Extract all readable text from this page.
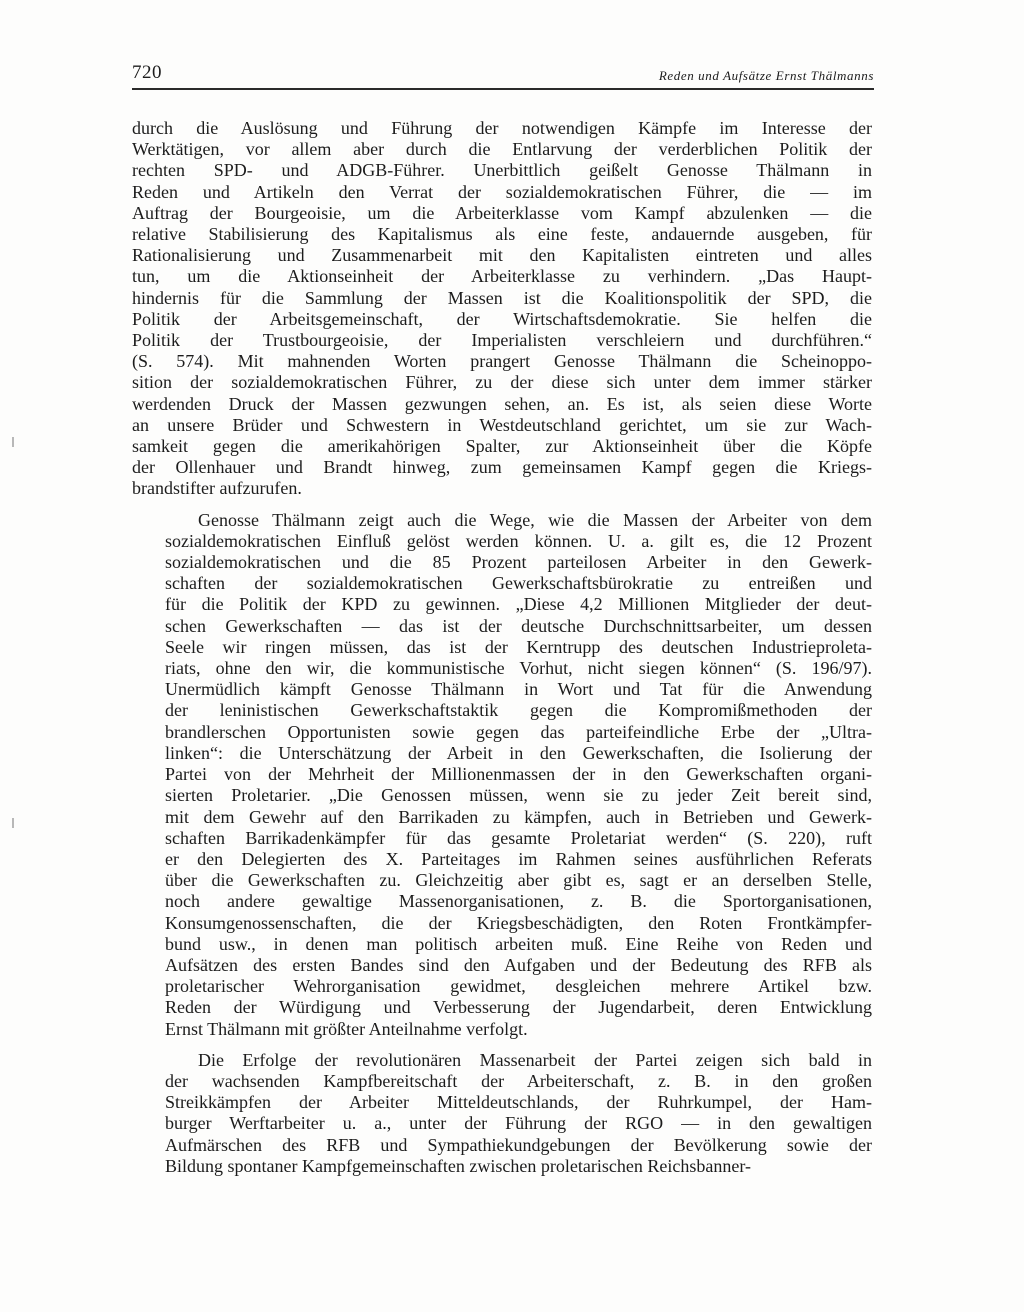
720	Reden und Aufsätze Ernst Thälmanns
durch die Auslösung und Führung der notwendigen Kämpfe im Interesse der
Werktätigen, vor allem aber durch die Entlarvung der verderblichen Politik der
rechten SPD- und ADGB-Führer. Unerbittlich geißelt Genosse Thälmann in
Reden und Artikeln den Verrat der sozialdemokratischen Führer, die — im
Auftrag der Bourgeoisie, um die Arbeiterklasse vom Kampf abzulenken — die
relative Stabilisierung des Kapitalismus als eine feste, andauernde ausgeben, für
Rationalisierung und Zusammenarbeit mit den Kapitalisten eintreten und alles
tun, um die Aktionseinheit der Arbeiterklasse zu verhindern. „Das Haupt-
hindernis für die Sammlung der Massen ist die Koalitionspolitik der SPD, die
Politik der Arbeitsgemeinschaft, der Wirtschaftsdemokratie. Sie helfen die
Politik der Trustbourgeoisie, der Imperialisten verschleiern und durchführen.“
(S. 574). Mit mahnenden Worten prangert Genosse Thälmann die Scheinoppo-
sition der sozialdemokratischen Führer, zu der diese sich unter dem immer stärker
werdenden Druck der Massen gezwungen sehen, an. Es ist, als seien diese Worte
an unsere Brüder und Schwestern in Westdeutschland gerichtet, um sie zur Wach-
samkeit gegen die amerikahörigen Spalter, zur Aktionseinheit über die Köpfe
der Ollenhauer und Brandt hinweg, zum gemeinsamen Kampf gegen die Kriegs-
brandstifter aufzurufen.
Genosse Thälmann zeigt auch die Wege, wie die Massen der Arbeiter von dem
sozialdemokratischen Einfluß gelöst werden können. U. a. gilt es, die 12 Prozent
sozialdemokratischen und die 85 Prozent parteilosen Arbeiter in den Gewerk-
schaften der sozialdemokratischen Gewerkschaftsbürokratie zu entreißen und
für die Politik der KPD zu gewinnen. „Diese 4,2 Millionen Mitglieder der deut-
schen Gewerkschaften — das ist der deutsche Durchschnittsarbeiter, um dessen
Seele wir ringen müssen, das ist der Kerntrupp des deutschen Industrieproleta-
riats, ohne den wir, die kommunistische Vorhut, nicht siegen können“ (S. 196/97).
Unermüdlich kämpft Genosse Thälmann in Wort und Tat für die Anwendung
der leninistischen Gewerkschaftstaktik gegen die Kompromißmethoden der
brandlerschen Opportunisten sowie gegen das parteifeindliche Erbe der „Ultra-
linken“: die Unterschätzung der Arbeit in den Gewerkschaften, die Isolierung der
Partei von der Mehrheit der Millionenmassen der in den Gewerkschaften organi-
sierten Proletarier. „Die Genossen müssen, wenn sie zu jeder Zeit bereit sind,
mit dem Gewehr auf den Barrikaden zu kämpfen, auch in Betrieben und Gewerk-
schaften Barrikadenkämpfer für das gesamte Proletariat werden“ (S. 220), ruft
er den Delegierten des X. Parteitages im Rahmen seines ausführlichen Referats
über die Gewerkschaften zu. Gleichzeitig aber gibt es, sagt er an derselben Stelle,
noch andere gewaltige Massenorganisationen, z. B. die Sportorganisationen,
Konsumgenossenschaften, die der Kriegsbeschädigten, den Roten Frontkämpfer-
bund usw., in denen man politisch arbeiten muß. Eine Reihe von Reden und
Aufsätzen des ersten Bandes sind den Aufgaben und der Bedeutung des RFB als
proletarischer Wehrorganisation gewidmet, desgleichen mehrere Artikel bzw.
Reden der Würdigung und Verbesserung der Jugendarbeit, deren Entwicklung
Ernst Thälmann mit größter Anteilnahme verfolgt.
Die Erfolge der revolutionären Massenarbeit der Partei zeigen sich bald in
der wachsenden Kampfbereitschaft der Arbeiterschaft, z. B. in den großen
Streikkämpfen der Arbeiter Mitteldeutschlands, der Ruhrkumpel, der Ham-
burger Werftarbeiter u. a., unter der Führung der RGO — in den gewaltigen
Aufmärschen des RFB und Sympathiekundgebungen der Bevölkerung sowie der
Bildung spontaner Kampfgemeinschaften zwischen proletarischen Reichsbanner-
